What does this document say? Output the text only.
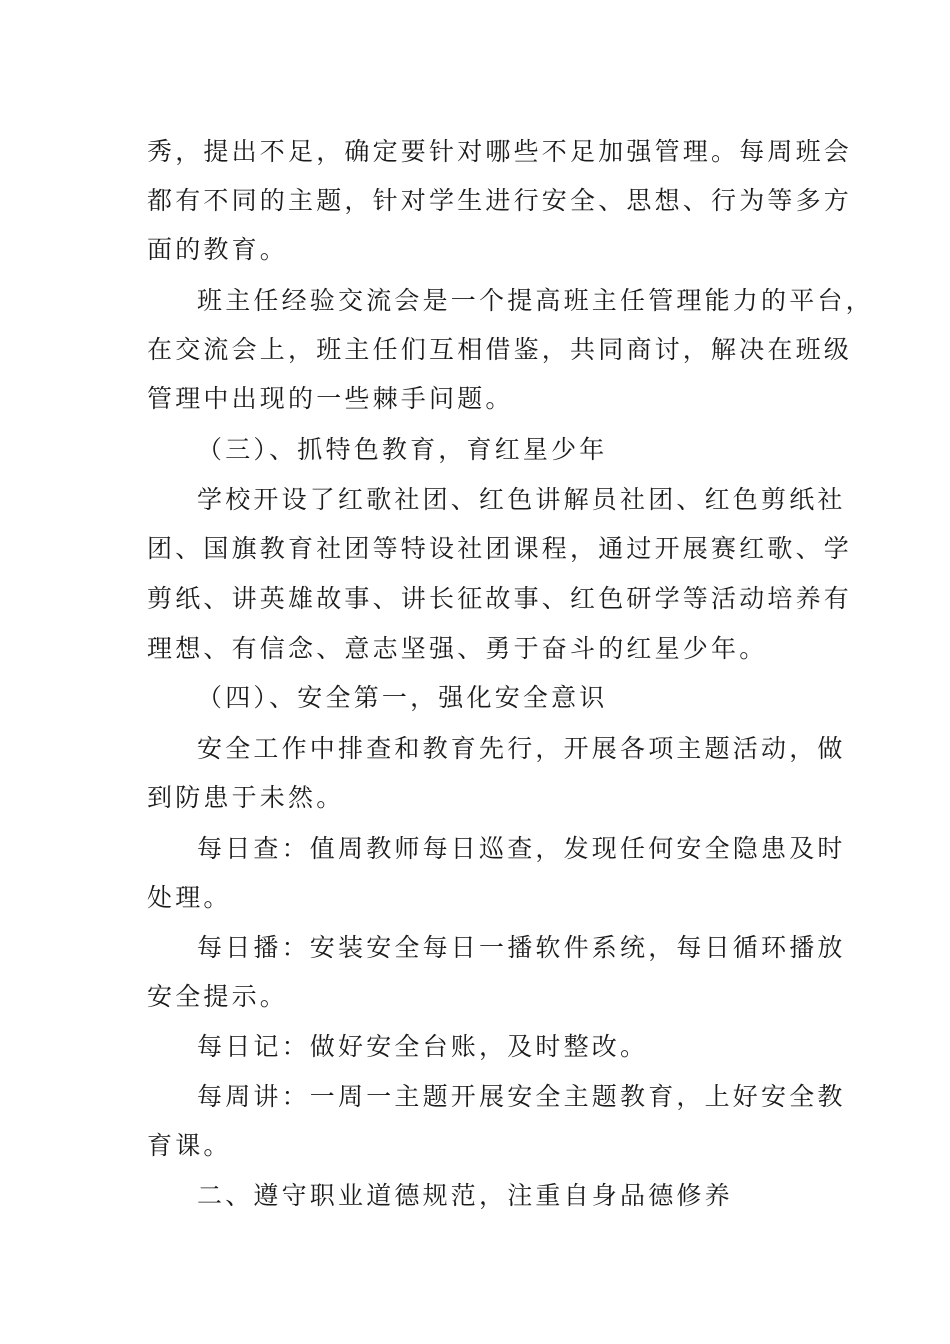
秀，提出不足，确定要针对哪些不足加强管理。每周班会
都有不同的主题，针对学生进行安全、思想、行为等多方
面的教育。
班主任经验交流会是一个提高班主任管理能力的平台，
在交流会上，班主任们互相借鉴，共同商讨，解决在班级
管理中出现的一些棘手问题。
（三）、抓特色教育，育红星少年
学校开设了红歌社团、红色讲解员社团、红色剪纸社
团、国旗教育社团等特设社团课程，通过开展赛红歌、学
剪纸、讲英雄故事、讲长征故事、红色研学等活动培养有
理想、有信念、意志坚强、勇于奋斗的红星少年。
（四）、安全第一，强化安全意识
安全工作中排查和教育先行，开展各项主题活动，做
到防患于未然。
每日查：值周教师每日巡查，发现任何安全隐患及时
处理。
每日播：安装安全每日一播软件系统，每日循环播放
安全提示。
每日记：做好安全台账，及时整改。
每周讲：一周一主题开展安全主题教育，上好安全教
育课。
二、遵守职业道德规范，注重自身品德修养
